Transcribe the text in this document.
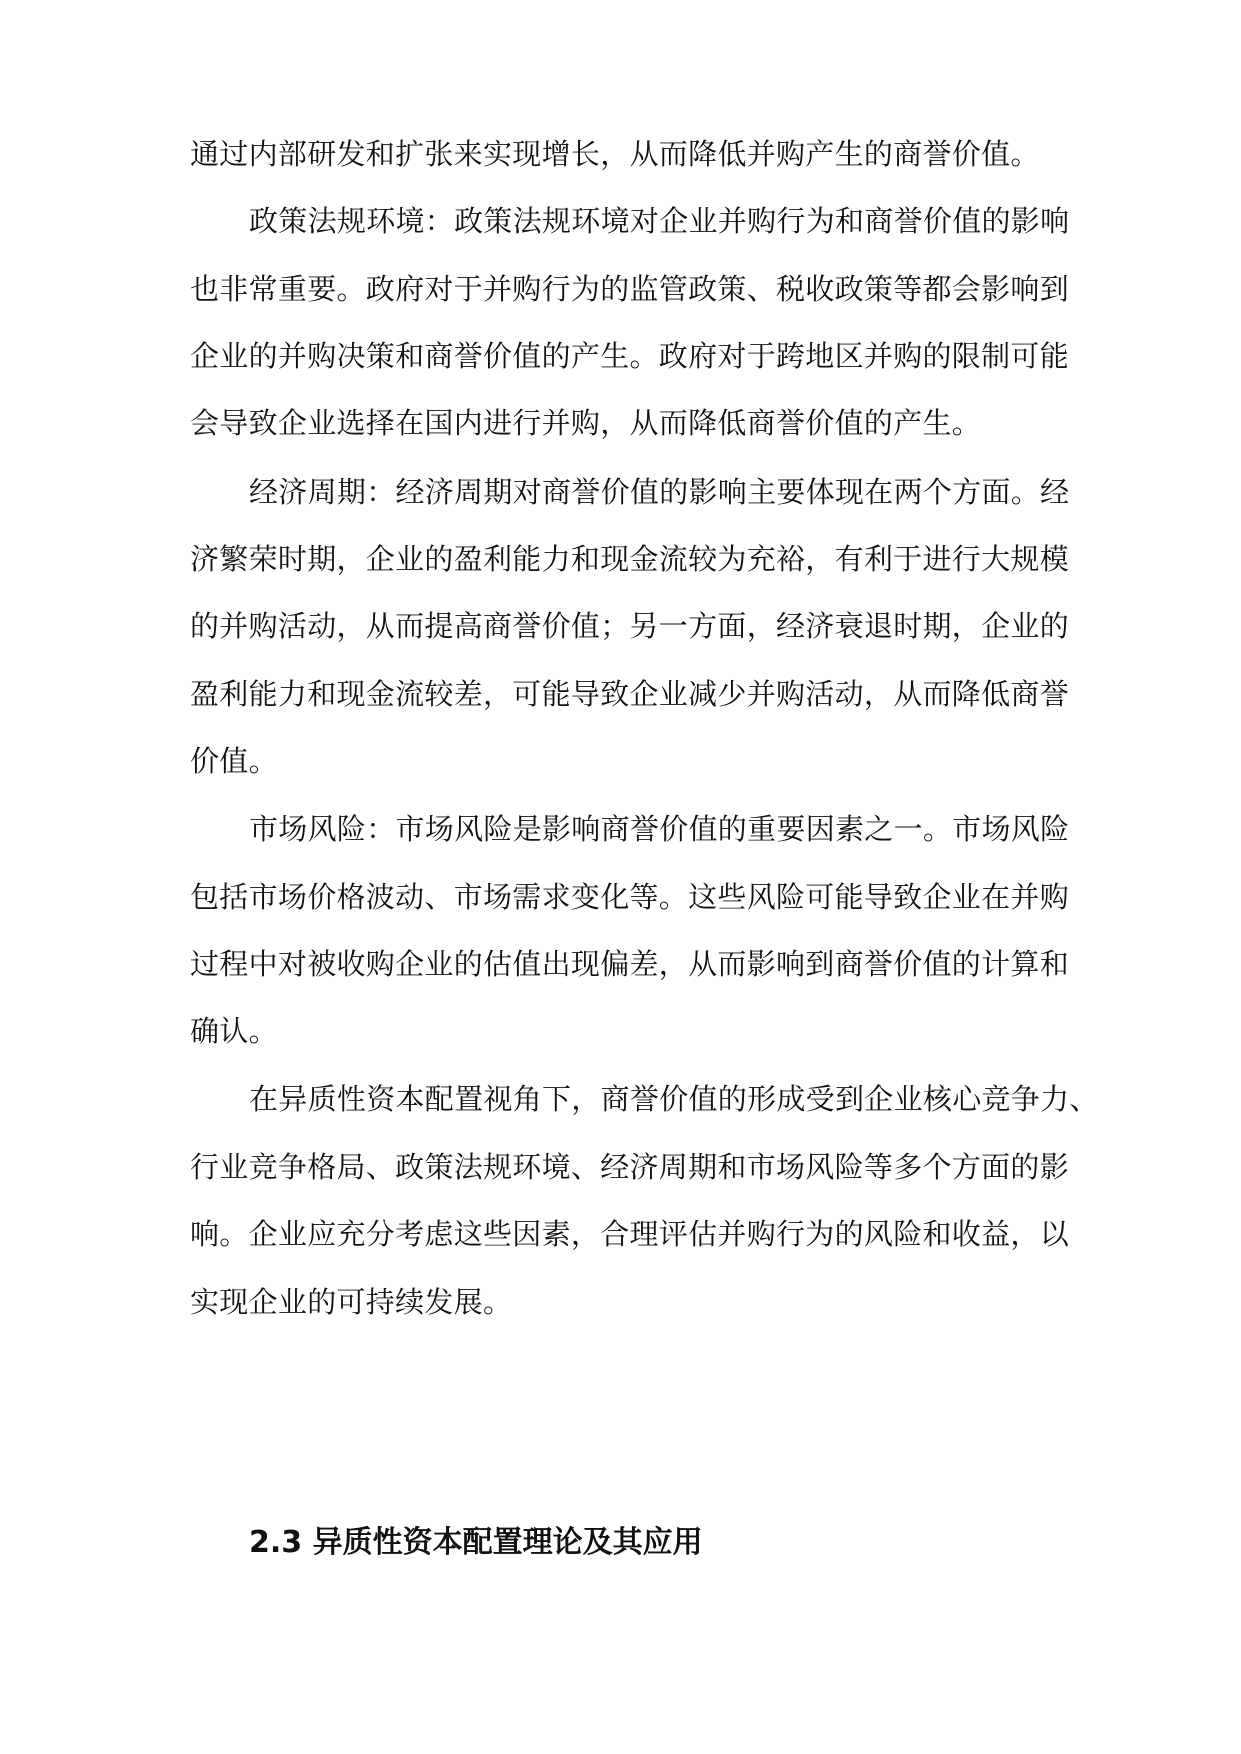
通过内部研发和扩张来实现增长，从而降低并购产生的商誉价值。
政策法规环境：政策法规环境对企业并购行为和商誉价值的影响
也非常重要。政府对于并购行为的监管政策、税收政策等都会影响到
企业的并购决策和商誉价值的产生。政府对于跨地区并购的限制可能
会导致企业选择在国内进行并购，从而降低商誉价值的产生。
经济周期：经济周期对商誉价值的影响主要体现在两个方面。经
济繁荣时期，企业的盈利能力和现金流较为充裕，有利于进行大规模
的并购活动，从而提高商誉价值；另一方面，经济衰退时期，企业的
盈利能力和现金流较差，可能导致企业减少并购活动，从而降低商誉
价值。
市场风险：市场风险是影响商誉价值的重要因素之一。市场风险
包括市场价格波动、市场需求变化等。这些风险可能导致企业在并购
过程中对被收购企业的估值出现偏差，从而影响到商誉价值的计算和
确认。
在异质性资本配置视角下，商誉价值的形成受到企业核心竞争力、
行业竞争格局、政策法规环境、经济周期和市场风险等多个方面的影
响。企业应充分考虑这些因素，合理评估并购行为的风险和收益，以
实现企业的可持续发展。
2.3 异质性资本配置理论及其应用
